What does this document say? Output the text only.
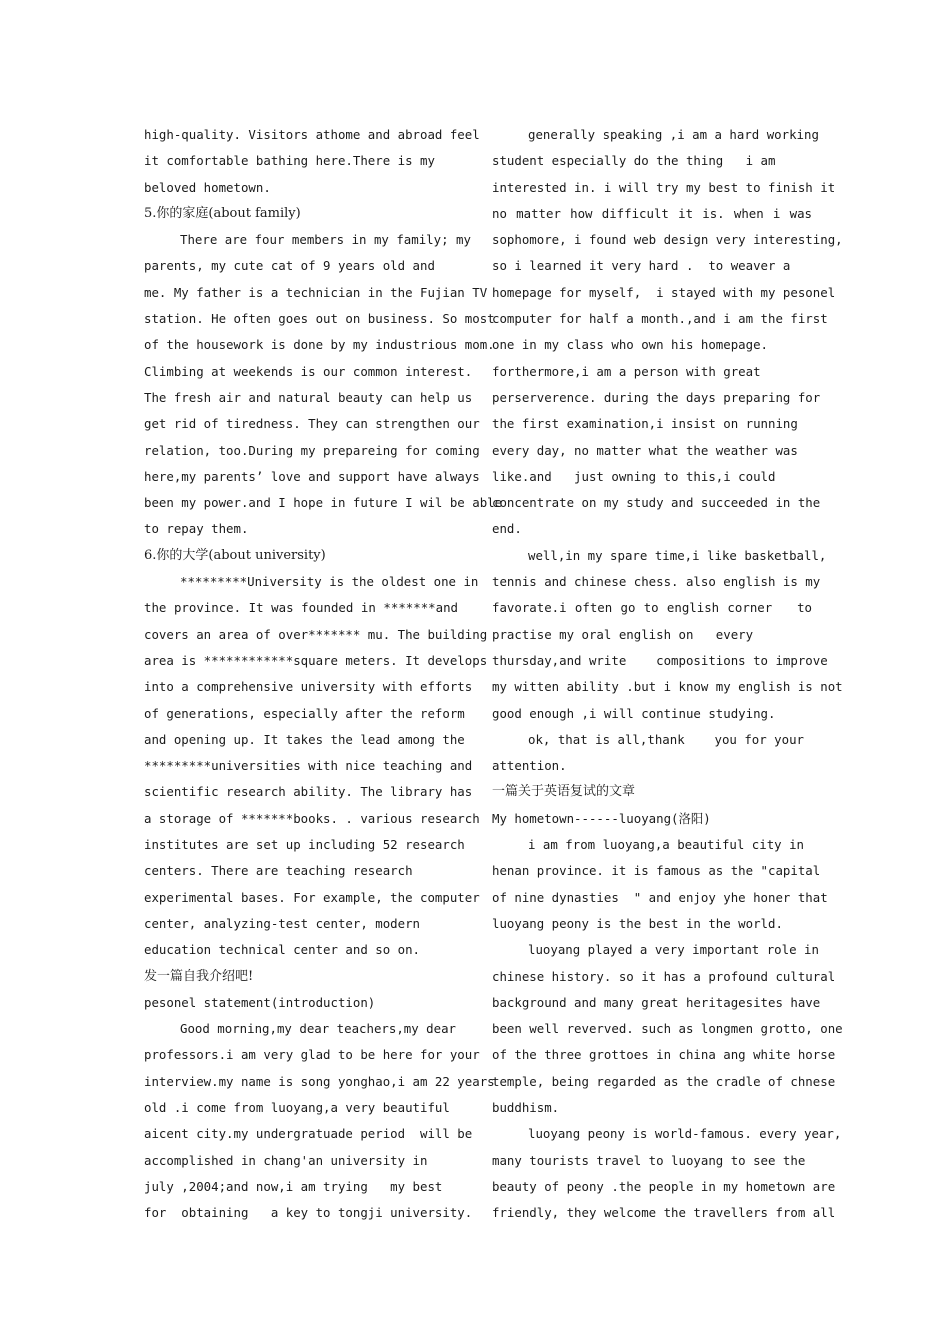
high-quality. Visitors athome and abroad feel
it comfortable bathing here.There is my
beloved hometown.
5.你的家庭(about family)
There are four members in my family; my
parents, my cute cat of 9 years old and
me. My father is a technician in the Fujian TV
station. He often goes out on business. So most
of the housework is done by my industrious mom.
Climbing at weekends is our common interest.
The fresh air and natural beauty can help us
get rid of tiredness. They can strengthen our
relation, too.During my prepareing for coming
here,my parents’ love and support have always
been my power.and I hope in future I wil be able
to repay them.
6.你的大学(about university)
*********University is the oldest one in
the province. It was founded in *******and
covers an area of over******* mu. The building
area is ************square meters. It develops
into a comprehensive university with efforts
of generations, especially after the reform
and opening up. It takes the lead among the
*********universities with nice teaching and
scientific research ability. The library has
a storage of *******books. . various research
institutes are set up including 52 research
centers. There are teaching research
experimental bases. For example, the computer
center, analyzing-test center, modern
education technical center and so on.
发一篇自我介绍吧!
pesonel statement(introduction)
Good morning,my dear teachers,my dear
professors.i am very glad to be here for your
interview.my name is song yonghao,i am 22 years
old .i come from luoyang,a very beautiful
aicent city.my undergratuade period  will be
accomplished in chang'an university in
july ,2004;and now,i am trying   my best
for  obtaining   a key to tongji university.
generally speaking ,i am a hard working
student especially do the thing   i am
interested in. i will try my best to finish it
no matter how difficult it is. when i was
sophomore, i found web design very interesting,
so i learned it very hard .  to weaver a
homepage for myself,  i stayed with my pesonel
computer for half a month.,and i am the first
one in my class who own his homepage.
forthermore,i am a person with great
perserverence. during the days preparing for
the first examination,i insist on running
every day, no matter what the weather was
like.and   just owning to this,i could
concentrate on my study and succeeded in the
end.
well,in my spare time,i like basketball,
tennis and chinese chess. also english is my
favorate.i often go to english corner   to
practise my oral english on   every
thursday,and write    compositions to improve
my witten ability .but i know my english is not
good enough ,i will continue studying.
ok, that is all,thank    you for your
attention.
一篇关于英语复试的文章
My hometown------luoyang(洛阳)
i am from luoyang,a beautiful city in
henan province. it is famous as the "capital
of nine dynasties  " and enjoy yhe honer that
luoyang peony is the best in the world.
luoyang played a very important role in
chinese history. so it has a profound cultural
background and many great heritagesites have
been well reverved. such as longmen grotto, one
of the three grottoes in china ang white horse
temple, being regarded as the cradle of chnese
buddhism.
luoyang peony is world-famous. every year,
many tourists travel to luoyang to see the
beauty of peony .the people in my hometown are
friendly, they welcome the travellers from all
